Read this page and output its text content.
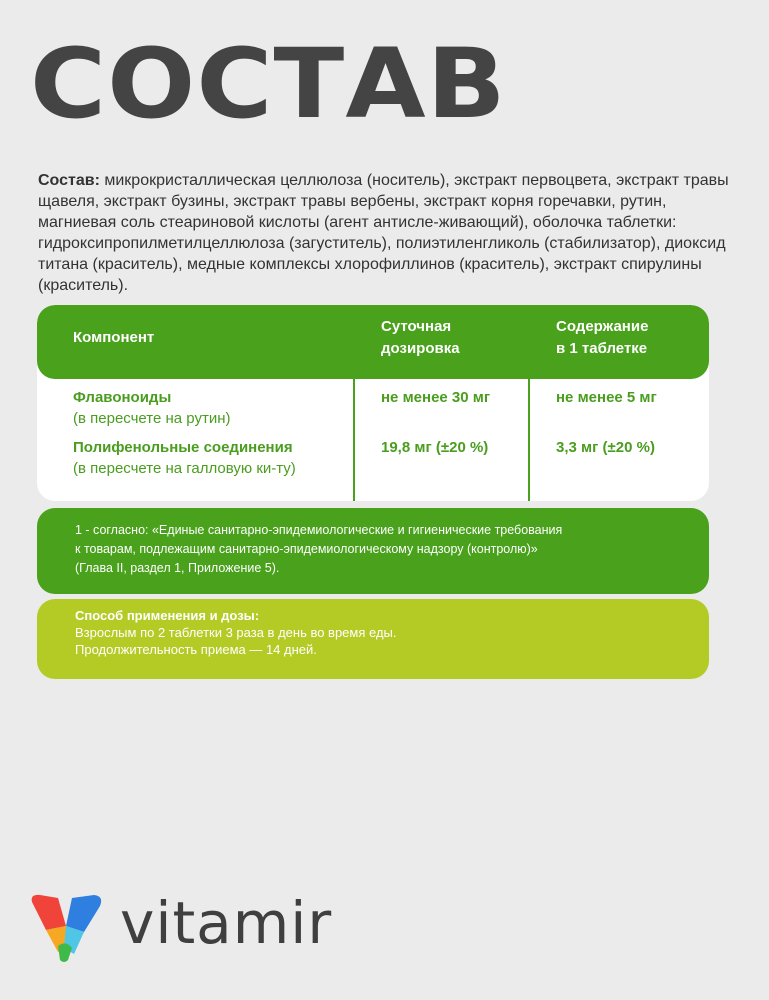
СОСТАВ
Состав: микрокристаллическая целлюлоза (носитель), экстракт первоцвета, экстракт травы щавеля, экстракт бузины, экстракт травы вербены, экстракт корня горечавки, рутин, магниевая соль стеариновой кислоты (агент антисле-живающий), оболочка таблетки: гидроксипропилметилцеллюлоза (загуститель), полиэтиленгликоль (стабилизатор), диоксид титана (краситель), медные комплексы хлорофиллинов (краситель), экстракт спирулины (краситель).
Компонент
Суточная
дозировка
Содержание
в 1 таблетке
Флавоноиды
(в пересчете на рутин)
не менее 30 мг	не менее 5 мг
Полифенольные соединения
(в пересчете на галловую ки-ту)
19,8 мг (±20 %)	3,3 мг (±20 %)
1 - согласно: «Единые санитарно-эпидемиологические и гигиенические требования
к товарам, подлежащим санитарно-эпидемиологическому надзору (контролю)»
(Глава II, раздел 1, Приложение 5).
Способ применения и дозы:
Взрослым по 2 таблетки 3 раза в день во время еды.
Продолжительность приема — 14 дней.
vitamir
